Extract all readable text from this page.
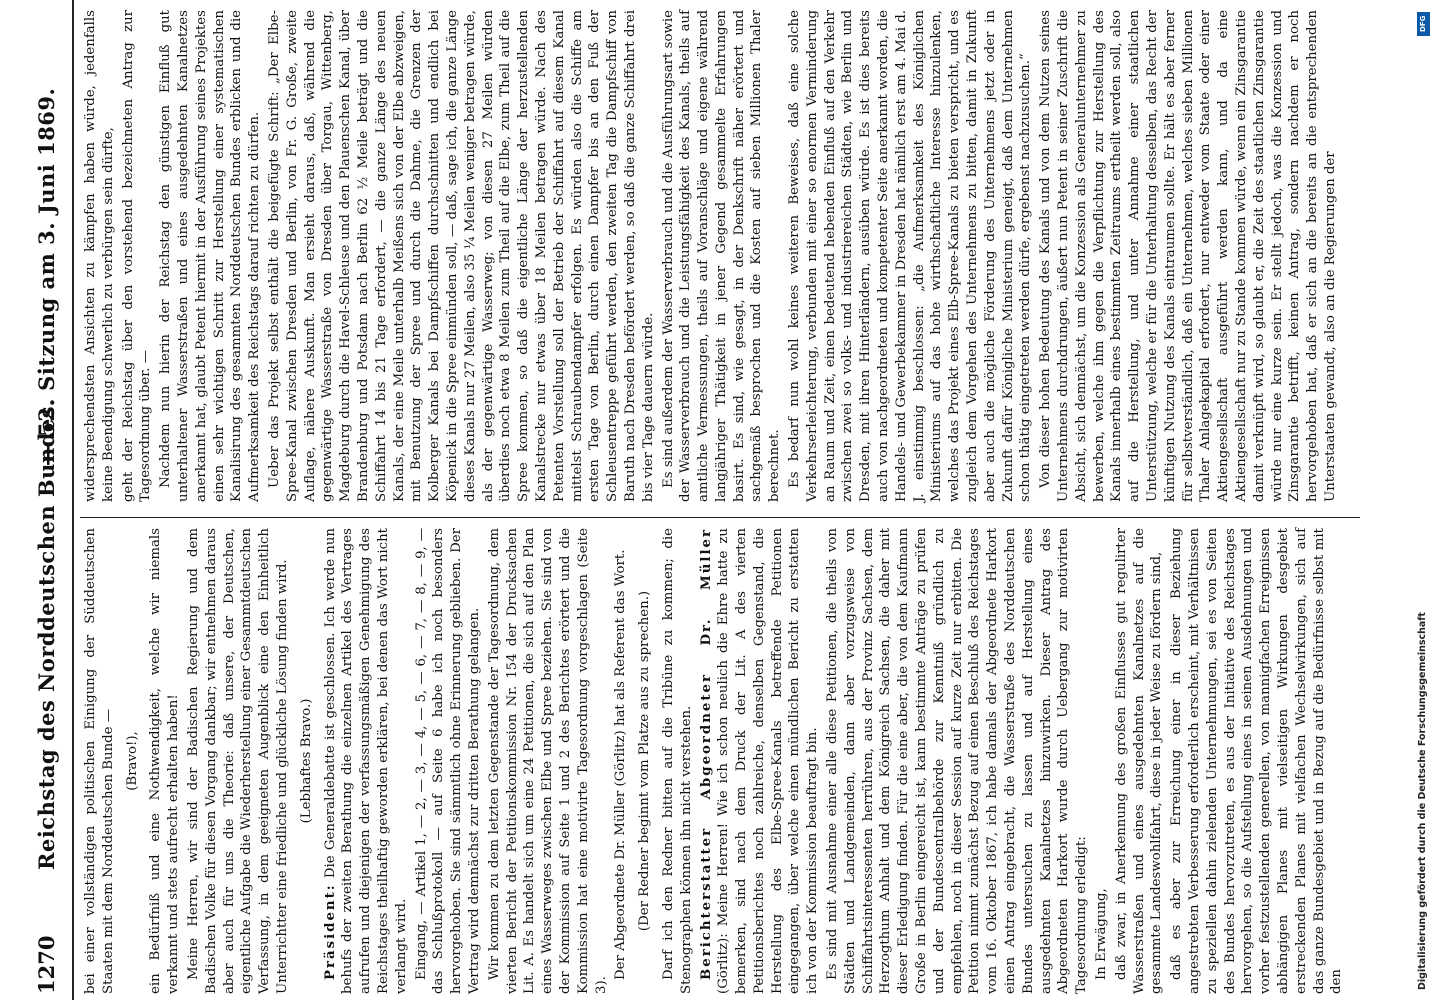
1270
Reichstag des Norddeutschen Bundes.
— 52. Sitzung am 3. Juni 1869.
bei einer vollständigen politischen Einigung der Süddeutschen Staaten mit dem Norddeutschen Bunde — (Bravo!), ein Bedürfniß und eine Nothwendigkeit, welche wir niemals verkannt und stets aufrecht erhalten haben! Meine Herren, wir sind der Badischen Regierung und dem Badischen Volke für diesen Vorgang dankbar; wir entnehmen daraus aber auch für uns die Theorie: daß unsere, der Deutschen, eigentliche Aufgabe die Wiederherstellung einer Gesammtdeutschen Verfassung, in dem geeigneten Augenblick eine den Einheitlich Unterrichtter eine friedliche und glückliche Lösung finden wird. (Lebhaftes Bravo.)
Präsident: Die Generaldebatte ist geschlossen. Ich werde nun behufs der zweiten Berathung die einzelnen Artikel des Vertrages aufrufen und diejenigen der verfassungsmäßigen Genehmigung des Reichstages theilhaftig geworden erklären, bei denen das Wort nicht verlangt wird. Eingang, — Artikel 1, — 2, — 3, — 4, — 5, — 6, — 7, — 8, — 9, — das Schlußprotokoll — auf Seite 6 habe ich noch besonders hervorgehoben. Sie sind sämmtlich ohne Erinnerung geblieben. Der Vertrag wird demnächst zur dritten Berathung gelangen. Wir kommen zu dem letzten Gegenstande der Tagesordnung, dem vierten Bericht der Petitionskommission Nr. 154 der Drucksachen Lit. A. Es handelt sich um eine 24 Petitionen, die sich auf den Plan eines Wasserweges zwischen Elbe und Spree beziehen. Sie sind von der Kommission auf Seite 1 und 2 des Berichtes erörtert und die Kommission hat eine motivirte Tagesordnung vorgeschlagen (Seite 3).
Der Abgeordnete Dr. Müller (Görlitz) hat als Referent das Wort. (Der Redner beginnt vom Platze aus zu sprechen.) Darf ich den Redner bitten auf die Tribüne zu kommen; die Stenographen können ihn nicht verstehen. Berichterstatter Abgeordneter Dr. Müller (Görlitz): Meine Herren! Wie ich schon neulich die Ehre hatte zu bemerken, sind nach dem Druck der Lit. A des vierten Petitionsberichtes noch zahlreiche, denselben Gegenstand, die Herstellung des Elbe-Spree-Kanals betreffende Petitionen eingegangen, über welche einen mündlichen Bericht zu erstatten ich von der Kommission beauftragt bin. Es sind mit Ausnahme einer alle diese Petitionen, die theils von Städten und Landgemeinden, dann aber vorzugsweise von Schiffahrtsinteressenten herrühren, aus der Provinz Sachsen, dem Herzogthum Anhalt und dem Königreich Sachsen, die daher mit dieser Erledigung finden. Für die eine aber, die von dem Kaufmann Große in Berlin eingereicht ist, kann bestimmte Anträge zu prüfen und der Bundescentralbehörde zur Kenntniß gründlich zu empfehlen, noch in dieser Session auf kurze Zeit nur erbitten. Die Petition nimmt zunächst Bezug auf einen Beschluß des Reichstages vom 16. Oktober 1867, ich habe damals der Abgeordnete Harkort einen Antrag eingebracht, die Wasserstraße des Norddeutschen Bundes untersuchen zu lassen und auf Herstellung eines ausgedehnten Kanalnetzes hinzuwirken. Dieser Antrag des Abgeordneten Harkort wurde durch Uebergang zur motivirten Tagesordnung erledigt: In Erwägung, daß zwar, in Anerkennung des großen Einflusses gut regulirter Wasserstraßen und eines ausgedehnten Kanalnetzes auf die gesammte Landeswohlfahrt, diese in jeder Weise zu fördern sind, daß es aber zur Erreichung einer in dieser Beziehung angestrebten Verbesserung erforderlich erscheint, mit Verhältnissen zu speziellen dahin zielenden Unternehmungen, sei es von Seiten des Bundes hervorzutreten, es aus der Initiative des Reichstages hervorgehen, so die Aufstellung eines in seinen Ausdehnungen und vorher festzustellenden generellen, von mannigfachen Erreignissen abhängigen Planes mit vielseitigen Wirkungen desgebiet erstreckenden Planes mit vielfachen Wechselwirkungen, sich auf das ganze Bundesgebiet und in Bezug auf die Bedürfnisse selbst mit den
widersprechendsten Ansichten zu kämpfen haben würde, jedenfalls keine Beendigung schwerlich zu verbürgen sein dürfte, geht der Reichstag über den vorstehend bezeichneten Antrag zur Tagesordnung über. — Nachdem nun hierin der Reichstag den günstigen Einfluß gut unterhaltener Wasserstraßen und eines ausgedehnten Kanalnetzes anerkannt hat, glaubt Petent hiermit in der Ausführung seines Projektes einen sehr wichtigen Schritt zur Herstellung einer systematischen Kanalisirung des gesammten Norddeutschen Bundes erblicken und die Aufmerksamkeit des Reichstags darauf richten zu dürfen. Ueber das Projekt selbst enthält die beigefügte Schrift: „Der Elbe-Spree-Kanal zwischen Dresden und Berlin, von Fr. G. Große, zweite Auflage, nähere Auskunft. Man ersieht daraus, daß, während die gegenwärtige Wasserstraße von Dresden über Torgau, Wittenberg, Magdeburg durch die Havel-Schleuse und den Plauenschen Kanal, über Brandenburg und Potsdam nach Berlin 62 ½ Meile beträgt und die Schiffahrt 14 bis 21 Tage erfordert, — die ganze Länge des neuen Kanals, der eine Meile unterhalb Meißens sich von der Elbe abzweigen, mit Benutzung der Spree und durch die Dahme, die Grenzen der Kolberger Kanals bei Dampfschiffen durchschnitten und endlich bei Köpenick in die Spree einmünden soll, — daß, sage ich, die ganze Länge dieses Kanals nur 27 Meilen, also 35 ¼ Meilen weniger betragen würde, als der gegenwärtige Wasserweg; von diesen 27 Meilen würden überdies noch etwa 8 Meilen zum Theil auf die Elbe, zum Theil auf die Spree kommen, so daß die eigentliche Länge der herzustellenden Kanalstrecke nur etwas über 18 Meilen betragen würde. Nach des Petenten Vorstellung soll der Betrieb der Schiffahrt auf diesem Kanal mittelst Schraubendampfer erfolgen. Es würden also die Schiffe am ersten Tage von Berlin, durch einen Dampfer bis an den Fuß der Schleusentreppe geführt werden, den zweiten Tag die Dampfschiff von Baruth nach Dresden befördert werden, so daß die ganze Schiffahrt drei bis vier Tage dauern würde. Es sind außerdem der Wasserverbrauch und die Ausführungsart sowie der Wasserverbrauch und die Leistungsfähigkeit des Kanals, theils auf amtliche Vermessungen, theils auf Voranschläge und eigene während langjähriger Thätigkeit in jener Gegend gesammelte Erfahrungen basirt. Es sind, wie gesagt, in der Denkschrift näher erörtert und sachgemäß besprochen und die Kosten auf sieben Millionen Thaler berechnet. Es bedarf nun wohl keines weiteren Beweises, daß eine solche Verkehrserleichterung, verbunden mit einer so enormen Verminderung an Raum und Zeit, einen bedeutend hebenden Einfluß auf den Verkehr zwischen zwei so volks- und industriereichen Städten, wie Berlin und Dresden, mit ihren Hinterländern, ausüben würde. Es ist dies bereits auch von nachgeordneten und kompetenter Seite anerkannt worden, die Handels- und Gewerbekammer in Dresden hat nämlich erst am 4. Mai d. J. einstimmig beschlossen: „die Aufmerksamkeit des Königlichen Ministeriums auf das hohe wirthschaftliche Interesse hinzulenken, welches das Projekt eines Elb-Spree-Kanals zu bieten verspricht, und es zugleich dem Vorgehen des Unternehmens zu bitten, damit in Zukunft aber auch die mögliche Förderung des Unternehmens jetzt oder in Zukunft dafür Königliche Ministerium geneigt, daß dem Unternehmen schon thätig eingetreten werden dürfe, ergebenst nachzusuchen.“ Von dieser hohen Bedeutung des Kanals und von dem Nutzen seines Unternehmens durchdrungen, äußert nun Petent in seiner Zuschrift die Absicht, sich demnächst, um die Konzession als Generalunternehmer zu bewerben, welche ihm gegen die Verpflichtung zur Herstellung des Kanals innerhalb eines bestimmten Zeitraums ertheilt werden soll, also auf die Herstellung, und unter Annahme einer staatlichen Unterstützung, welche er für die Unterhaltung desselben, das Recht der künftigen Nutzung des Kanals eintraumen sollte. Er hält es aber ferner für selbstverständlich, daß ein Unternehmen, welches sieben Millionen Thaler Anlagekapital erfordert, nur entweder vom Staate oder einer Aktiengesellschaft ausgeführt werden kann, und da eine Aktiengesellschaft nur zu Stande kommen würde, wenn ein Zinsgarantie damit verknüpft wird, so glaubt er, die Zeit des staatlichen Zinsgarantie würde nur eine kurze sein. Er stellt jedoch, was die Konzession und Zinsgarantie betrifft, keinen Antrag, sondern nachdem er noch hervorgehoben hat, daß er sich an die bereits an die entsprechenden Unterstaaten gewandt, also an die Regierungen der
DFG
Digitalisierung gefördert durch die Deutsche Forschungsgemeinschaft
